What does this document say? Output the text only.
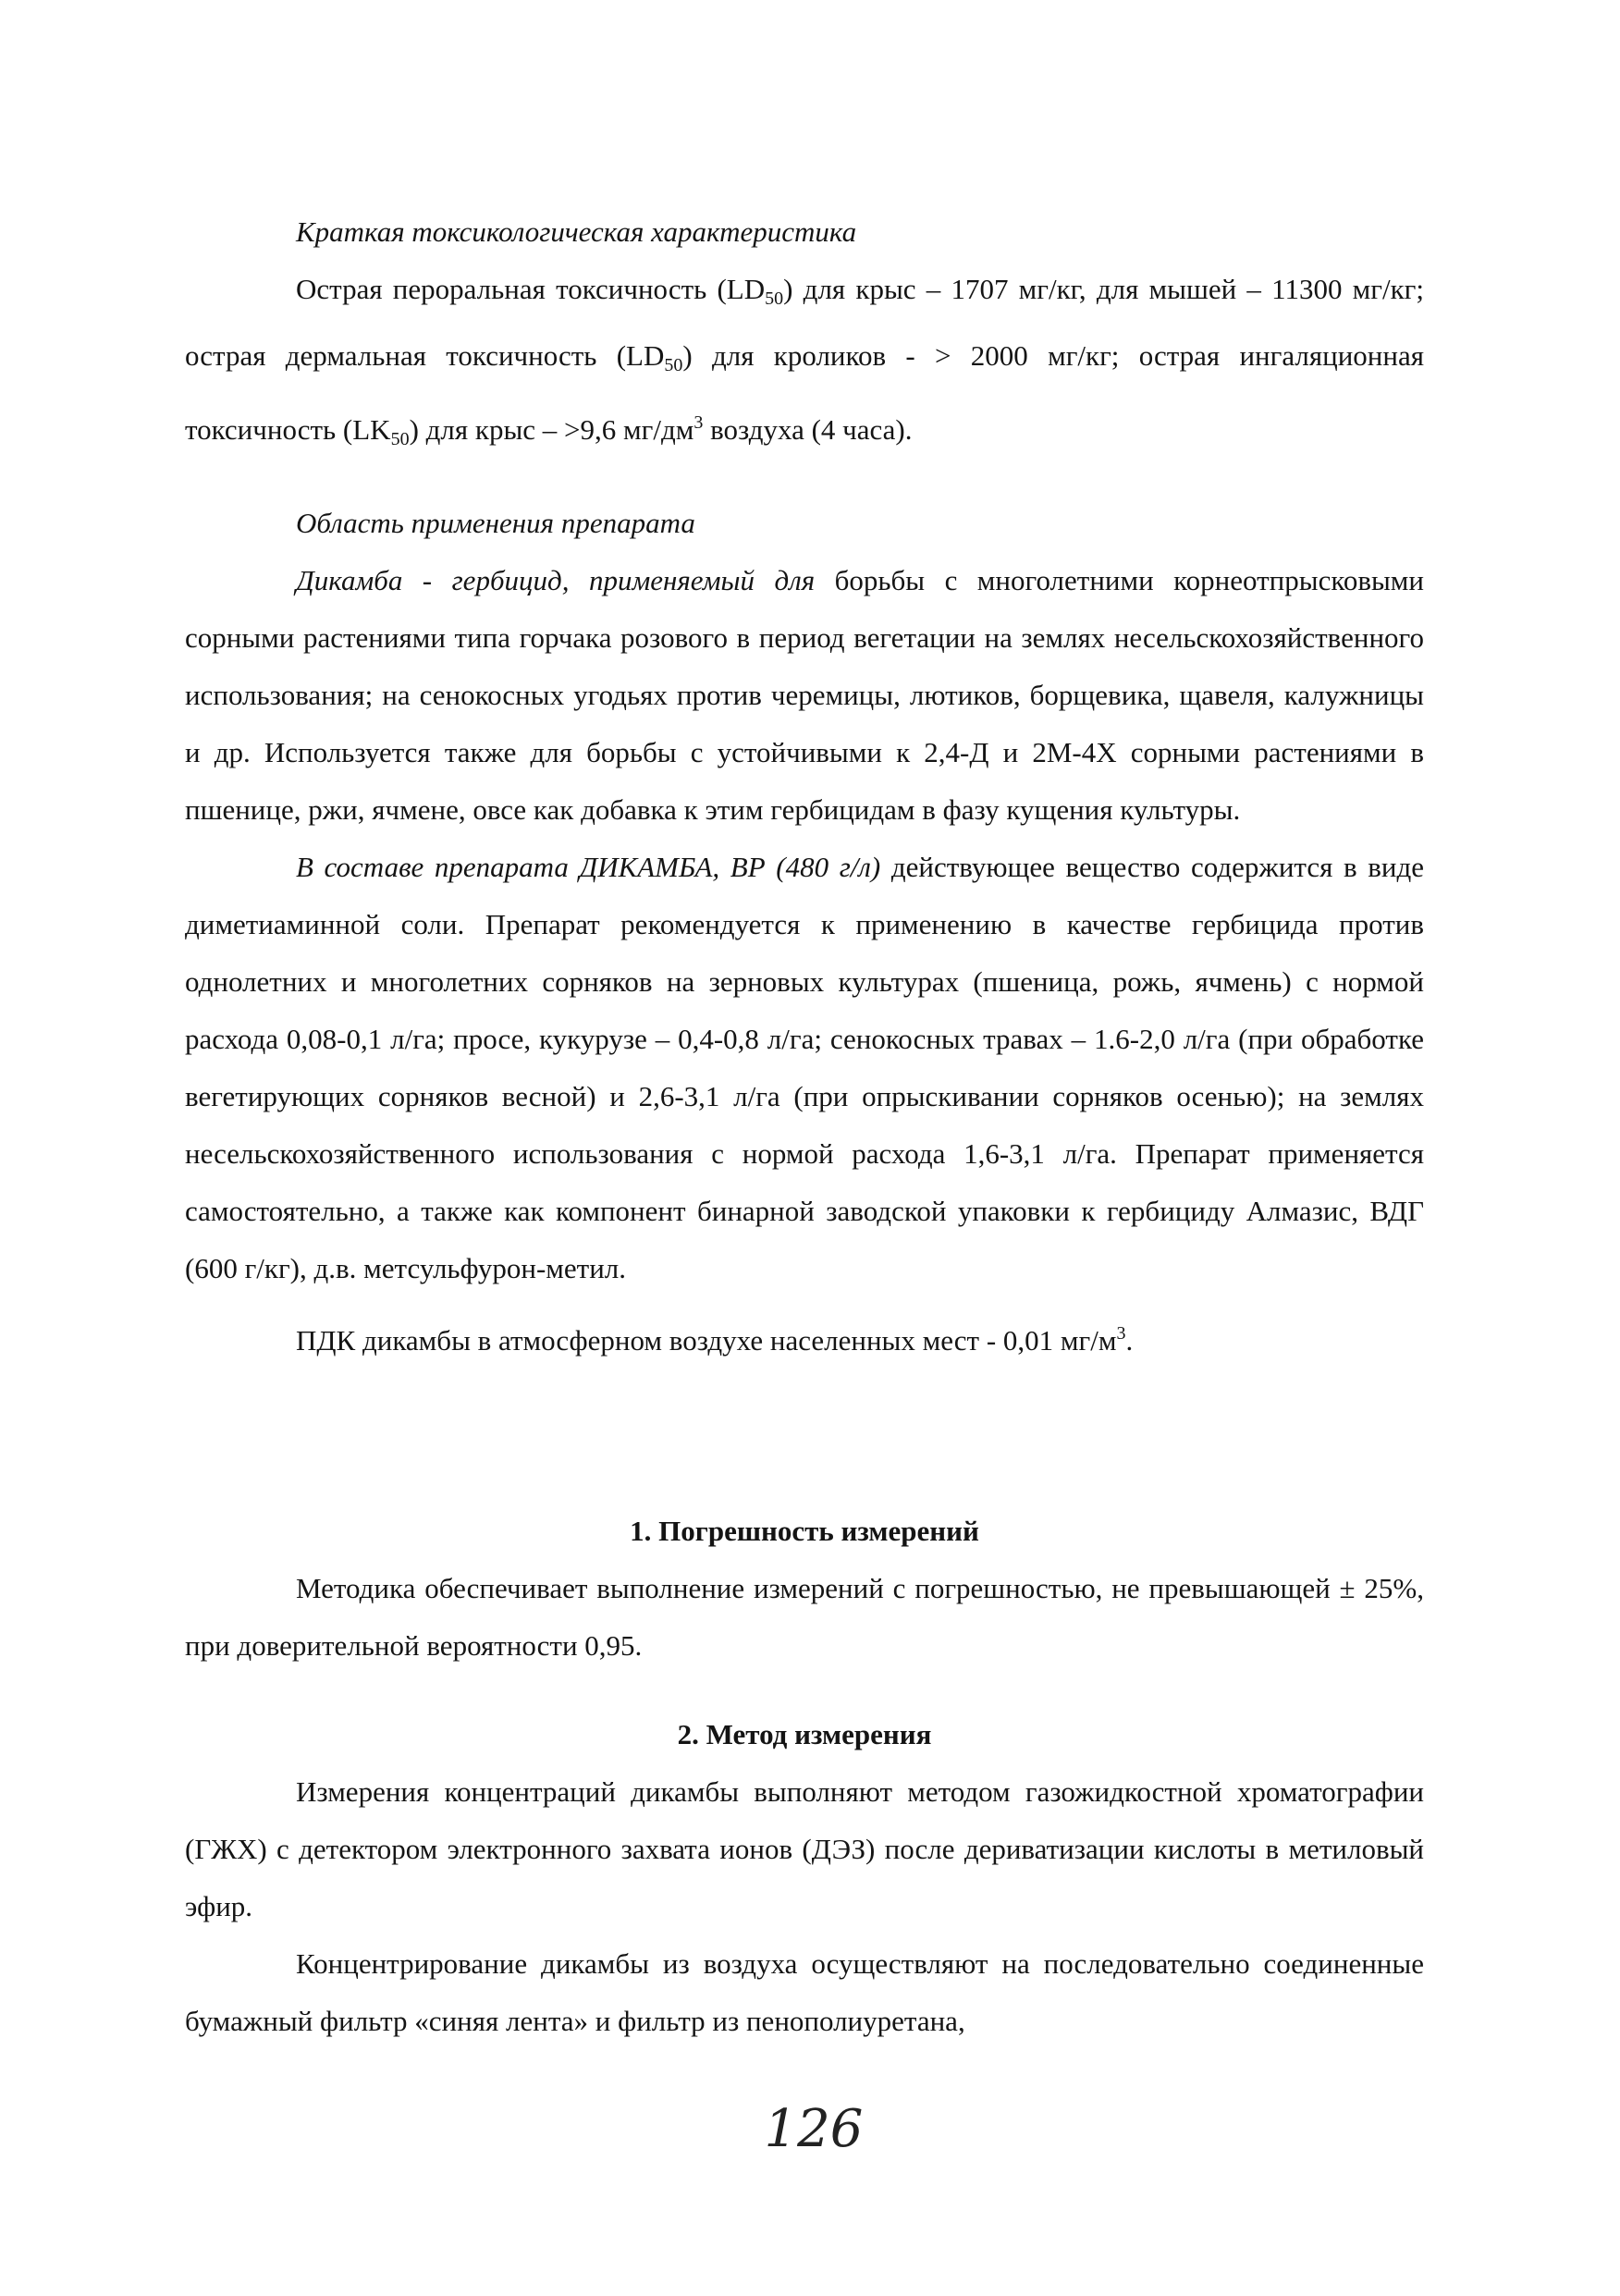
Краткая токсикологическая характеристика

Острая пероральная токсичность $(LD_{50})$ для крыс – 1707 мг/кг, для мышей – 11300 мг/кг; острая дермальная токсичность $(LD_{50})$ для кроликов - > 2000 мг/кг; острая ингаляционная токсичность $(LK_{50})$ для крыс – >9,6 $мг/дм^3$ воздуха (4 часа).

Область применения препарата

Дикамба - гербицид, применяемый для борьбы с многолетними корнеотпрысковыми сорными растениями типа горчака розового в период вегетации на землях несельскохозяйственного использования; на сенокосных угодьях против черемицы, лютиков, борщевика, щавеля, калужницы и др. Используется также для борьбы с устойчивыми к 2,4-Д и 2М-4Х сорными растениями в пшенице, ржи, ячмене, овсе как добавка к этим гербицидам в фазу кущения культуры.

В составе препарата ДИКАМБА, ВР (480 г/л) действующее вещество содержится в виде диметиаминной соли. Препарат рекомендуется к применению в качестве гербицида против однолетних и многолетних сорняков на зерновых культурах (пшеница, рожь, ячмень) с нормой расхода 0,08-0,1 л/га; просе, кукурузе – 0,4-0,8 л/га; сенокосных травах – 1.6-2,0 л/га (при обработке вегетирующих сорняков весной) и 2,6-3,1 л/га (при опрыскивании сорняков осенью); на землях несельскохозяйственного использования с нормой расхода 1,6-3,1 л/га. Препарат применяется самостоятельно, а также как компонент бинарной заводской упаковки к гербициду Алмазис, ВДГ (600 г/кг), д.в. метсульфурон-метил.

ПДК дикамбы в атмосферном воздухе населенных мест - 0,01 $мг/м^3$.

1. Погрешность измерений

Методика обеспечивает выполнение измерений с погрешностью, не превышающей ± 25%, при доверительной вероятности 0,95.

2. Метод измерения

Измерения концентраций дикамбы выполняют методом газожидкостной хроматографии (ГЖХ) с детектором электронного захвата ионов (ДЭЗ) после дериватизации кислоты в метиловый эфир.

Концентрирование дикамбы из воздуха осуществляют на последовательно соединенные бумажный фильтр «синяя лента» и фильтр из пенополиуретана,

126
